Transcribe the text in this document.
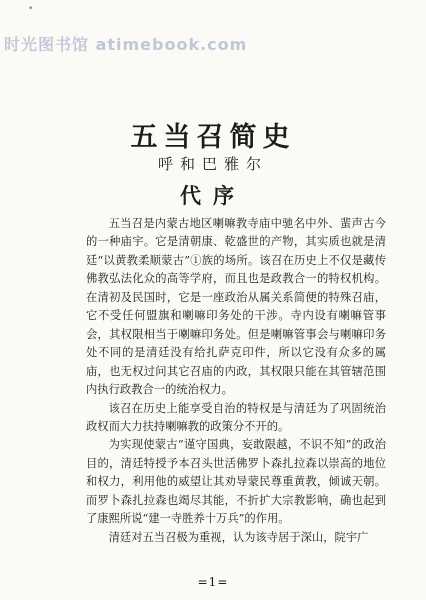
时光图书馆 atimebook.com
•
五当召简史
呼和巴雅尔
代序

五当召是内蒙古地区喇嘛教寺庙中驰名中外、蜚声古今的一种庙宇。它是清朝康、乾盛世的产物，其实质也就是清廷“以黄教柔顺蒙古”①族的场所。该召在历史上不仅是藏传佛教弘法化众的高等学府，而且也是政教合一的特权机构。在清初及民国时，它是一座政治从属关系简便的特殊召庙，它不受任何盟旗和喇嘛印务处的干涉。寺内设有喇嘛管事会，其权限相当于喇嘛印务处。但是喇嘛管事会与喇嘛印务处不同的是清廷没有给扎萨克印件，所以它没有众多的属庙，也无权过问其它召庙的内政，其权限只能在其管辖范围内执行政教合一的统治权力。

该召在历史上能享受自治的特权是与清廷为了巩固统治政权而大力扶持喇嘛教的政策分不开的。

为实现使蒙古“谨守国典，妄敢限越，不识不知”的政治目的，清廷特授予本召头世活佛罗卜森扎拉森以崇高的地位和权力，利用他的威望让其劝导蒙民尊重黄教，倾诚天朝。而罗卜森扎拉森也竭尽其能，不折扩大宗教影响，确也起到了康熙所说“建一寺胜养十万兵”的作用。

清廷对五当召极为重视，认为该寺居于深山，院宇广

=1=
